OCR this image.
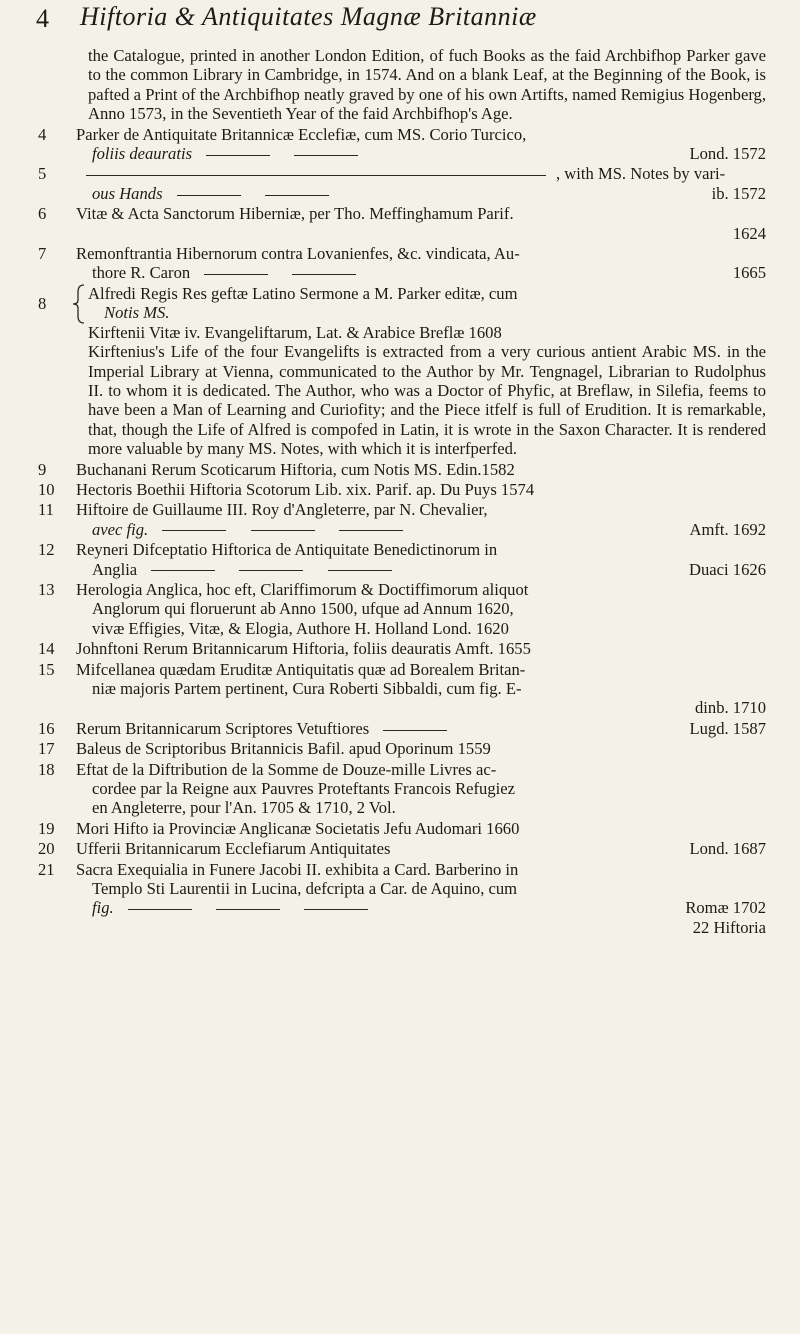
4 Hiftoria & Antiquitates Magnæ Britanniæ
the Catalogue, printed in another London Edition, of fuch Books as the faid Archbifhop Parker gave to the common Library in Cambridge, in 1574. And on a blank Leaf, at the Beginning of the Book, is pafted a Print of the Archbifhop neatly graved by one of his own Artifts, named Remigius Hogenberg, Anno 1573, in the Seventieth Year of the faid Archbifhop's Age.
4	Parker de Antiquitate Britannicæ Ecclefiæ, cum MS. Corio Turcico,
foliis deauratis	Lond. 1572
5	, with MS. Notes by vari-
ous Hands	ib. 1572
6	Vitæ & Acta Sanctorum Hiberniæ, per Tho. Meffinghamum Parif.
1624
7	Remonftrantia Hibernorum contra Lovanienfes, &c. vindicata, Au-
thore R. Caron	1665
8
Alfredi Regis Res geftæ Latino Sermone a M. Parker editæ, cum
Notis MS.
Kirftenii Vitæ iv. Evangeliftarum, Lat. & Arabice Breflæ 1608
Kirftenius's Life of the four Evangelifts is extracted from a very curious antient Arabic MS. in the Imperial Library at Vienna, communicated to the Author by Mr. Tengnagel, Librarian to Rudolphus II. to whom it is dedicated. The Author, who was a Doctor of Phyfic, at Breflaw, in Silefia, feems to have been a Man of Learning and Curiofity; and the Piece itfelf is full of Erudition. It is remarkable, that, though the Life of Alfred is compofed in Latin, it is wrote in the Saxon Character. It is rendered more valuable by many MS. Notes, with which it is interfperfed.
9	Buchanani Rerum Scoticarum Hiftoria, cum Notis MS. Edin.1582
10	Hectoris Boethii Hiftoria Scotorum Lib. xix. Parif. ap. Du Puys 1574
11	Hiftoire de Guillaume III. Roy d'Angleterre, par N. Chevalier,
avec fig.	Amft. 1692
12	Reyneri Difceptatio Hiftorica de Antiquitate Benedictinorum in
Anglia	Duaci 1626
13	Herologia Anglica, hoc eft, Clariffimorum & Doctiffimorum aliquot
Anglorum qui floruerunt ab Anno 1500, ufque ad Annum 1620,
vivæ Effigies, Vitæ, & Elogia, Authore H. Holland Lond. 1620
14	Johnftoni Rerum Britannicarum Hiftoria, foliis deauratis Amft. 1655
15	Mifcellanea quædam Eruditæ Antiquitatis quæ ad Borealem Britan-
niæ majoris Partem pertinent, Cura Roberti Sibbaldi, cum fig. E-
dinb. 1710
16	Rerum Britannicarum Scriptores Vetuftiores	Lugd. 1587
17	Baleus de Scriptoribus Britannicis Bafil. apud Oporinum 1559
18	Eftat de la Diftribution de la Somme de Douze-mille Livres ac-
cordee par la Reigne aux Pauvres Proteftants Francois Refugiez
en Angleterre, pour l'An. 1705 & 1710, 2 Vol.
19	Mori Hifto ia Provinciæ Anglicanæ Societatis Jefu Audomari 1660
20	Ufferii Britannicarum Ecclefiarum Antiquitates	Lond. 1687
21	Sacra Exequialia in Funere Jacobi II. exhibita a Card. Barberino in
Templo Sti Laurentii in Lucina, defcripta a Car. de Aquino, cum
fig.	Romæ 1702
22 Hiftoria
